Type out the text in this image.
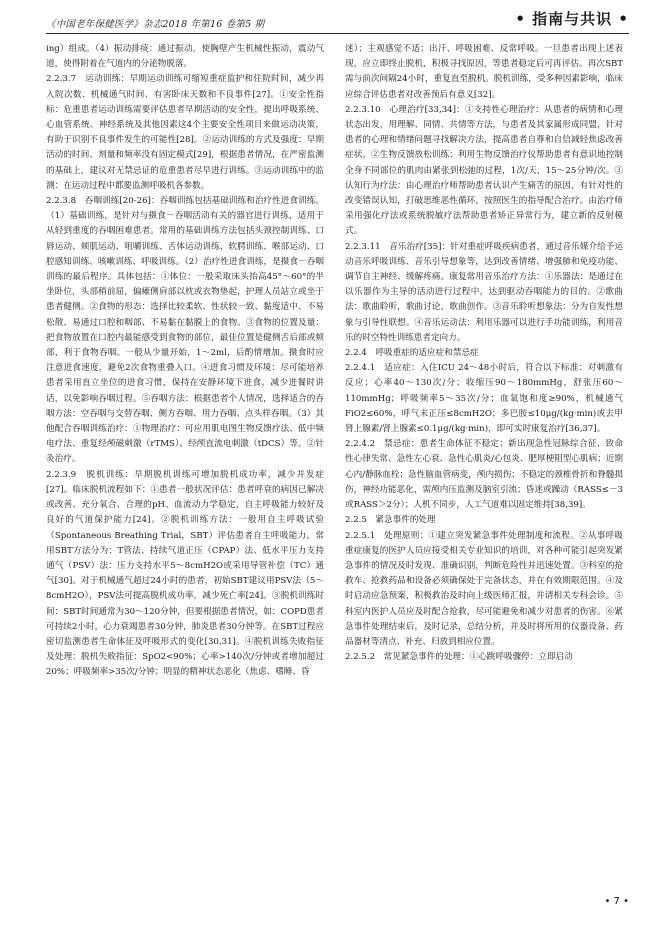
《中国老年保健医学》杂志2018 年第16 卷第5 期	• 指南与共识 •

ing）组成。（4）振动排痰：通过振动，使胸壁产生机械性振动，震动气道，使得附着在气道内的分泌物脱落。

2.2.3.7　运动训练：早期运动训练可缩短重症监护和住院时间，减少再入院次数、机械通气时间、有害卧床天数和不良事件[27]。①安全性指标：危重患者运动训练需要评估患者早期活动的安全性，提出呼吸系统、心血管系统、神经系统及其他因素这4个主要安全性项目来做运动决策，有助于识别不良事件发生的可能性[28]。②运动训练的方式及强度：早期活动的时间、剂量和频率没有固定模式[29]，根据患者情况，在严密监测的基础上，建议对无禁忌证的危重患者尽早进行训练。③运动训练中的监测：在运动过程中都要监测呼吸机各参数。

2.2.3.8　吞咽训练[20-26]：吞咽训练包括基础训练和治疗性进食训练。（1）基础训练，是针对与摄食－吞咽活动有关的器官进行训练，适用于从轻到重度的吞咽困难患者。常用的基础训练方法包括头颈控制训练、口唇运动、颊肌运动、咀嚼训练、舌体运动训练、软腭训练、喉部运动、口腔感知训练、咳嗽训练、呼吸训练。（2）治疗性进食训练，是摄食－吞咽训练的最后程序。具体包括：①体位：一般采取床头抬高45°～60°的半坐卧位，头部稍前屈，偏瘫侧肩部以枕或衣物垫起，护理人员站立或坐于患者健侧。②食物的形态：选择比较柔软、性状较一致、黏度适中、不易松散、易通过口腔和咽部、不易黏在黏膜上的食物。③食物的位置及量：把食物放置在口腔内最能感受到食物的部位，最佳位置是健侧舌后部或颊部，利于食物吞咽。一般从少量开始，1～2ml，后酌情增加。摄食时应注意进食速度，避免2次食物重叠入口。④进食习惯及环境：尽可能培养患者采用直立坐位的进食习惯，保持在安静环境下进食，减少进餐时讲话，以免影响吞咽过程。⑤吞咽方法：根据患者个人情况，选择适合的吞咽方法：空吞咽与交替吞咽、侧方吞咽、用力吞咽、点头样吞咽。（3）其他配合吞咽训练治疗：①物理治疗：可应用肌电图生物反馈疗法、低中频电疗法、重复经颅磁刺激（rTMS）、经颅直流电刺激（tDCS）等。②针灸治疗。

2.2.3.9　脱机训练：早期脱机训练可增加脱机成功率，减少并发症[27]。临床脱机流程如下：①患者一般状况评估：患者呼衰的病因已解决或改善、充分氧合、合理的pH、血流动力学稳定，自主呼吸能力较好及良好的气道保护能力[24]。②脱机训练方法：一般用自主呼吸试验（Spontaneous Breathing Trial，SBT）评估患者自主呼吸能力，常用SBT方法分为：T管法、持续气道正压（CPAP）法、低水平压力支持通气（PSV）法：压力支持水平5～8cmH2O或采用导管补偿（TC）通气[30]。对于机械通气超过24小时的患者，初始SBT建议用PSV法（5～8cmH2O），PSV法可提高脱机成功率，减少死亡率[24]。③脱机训练时间：SBT时间通常为30～120分钟，但要根据患者情况，如：COPD患者可持续2小时，心力衰竭患者30分钟，肺炎患者30分钟等。在SBT过程应密切监测患者生命体征及呼吸形式的变化[30,31]。④脱机训练失败指征及处理：脱机失败指征：SpO2<90%；心率>140次/分钟或者增加超过20%；呼吸频率>35次/分钟；明显的精神状态恶化（焦虑、嗜睡、昏

迷）；主观感觉不适；出汗、呼吸困难、反常呼吸。一旦患者出现上述表现，应立即终止脱机，积极寻找原因，等患者稳定后可再评估。再次SBT需与前次间隔24小时，重复直至脱机。脱机训练，受多种因素影响，临床应综合评估患者对改善预后有意义[32]。

2.2.3.10　心理治疗[33,34]：①支持性心理治疗：从患者的病情和心理状态出发，用理解、同情、共情等方法，与患者及其家属形成同盟，针对患者的心理和情绪问题寻找解决方法，提高患者自尊和自信减轻焦虑改善症状。②生物反馈放松训练：利用生物反馈治疗仪帮助患者有意识地控制全身不同部位的肌肉由紧张到松弛的过程，1次/天，15～25分钟/次。③认知行为疗法：由心理治疗师帮助患者认识产生痛苦的原因，有针对性的改变错误认知，打破思维恶性循环，按照医生的指导配合治疗。由治疗师采用强化疗法或系统脱敏疗法帮助患者矫正异常行为，建立新的反射模式。

2.2.3.11　音乐治疗[35]：针对重症呼吸疾病患者，通过音乐媒介给予运动音乐呼吸训练、音乐引导想象等，达到改善情绪、增强肺和免疫功能、调节自主神经、缓解疼痛。康复常用音乐治疗方法：①乐器法：是通过在以乐器作为主导的活动进行过程中，达到驱动吞咽能力的目的。②歌曲法：歌曲聆听，歌曲讨论，歌曲创作。③音乐聆听想象法：分为自发性想象与引导性联想。④音乐运动法：利用乐器可以进行手功能训练，利用音乐的时空特性训练患者定向力。

2.2.4　呼吸重症的适应症和禁忌症

2.2.4.1　适应症：入住ICU 24～48小时后，符合以下标准：对刺激有反应；心率40～130次/分；收缩压90～180mmHg，舒张压60～110mmHg；呼吸频率5～35次/分；血氧饱和度≥90%，机械通气FiO2≤60%，呼气末正压≤8cmH2O；多巴胺≤10μg/(kg·min)或去甲肾上腺素/肾上腺素≤0.1μg/(kg·min)，即可实时康复治疗[36,37]。

2.2.4.2　禁忌症：患者生命体征不稳定；新出现急性冠脉综合征、致命性心律失常、急性左心衰、急性心肌炎/心包炎、肥厚梗阻型心肌病；近期心内/静脉血栓；急性脑血管病变，颅内损伤；不稳定的颈椎骨折和脊髓损伤，神经功能恶化，需颅内压监测及脑室引流；昏迷或躁动（RASS≤－3或RASS＞2分）；人机不同步，人工气道难以固定维持[38,39]。

2.2.5　紧急事件的处理

2.2.5.1　处理原则：①建立突发紧急事件处理制度和流程。②从事呼吸重症康复的医护人员应接受相关专业知识的培训，对各种可能引起突发紧急事件的情况及时发现、准确识别，判断危险性并迅速处置。③科室的抢救车、抢救药品和设备必须确保处于完备状态，并在有效期限范围。④及时启动应急预案，积极救治及时向上级医师汇报，并请相关专科会诊。⑤科室内医护人员应及时配合抢救，尽可能避免和减少对患者的伤害。⑥紧急事件处理结束后，及时记录，总结分析，并及时将所用的仪器设备、药品器材等清点、补充、归放到相应位置。

2.2.5.2　常见紧急事件的处理：①心跳呼吸骤停：立即启动

• 7 •
